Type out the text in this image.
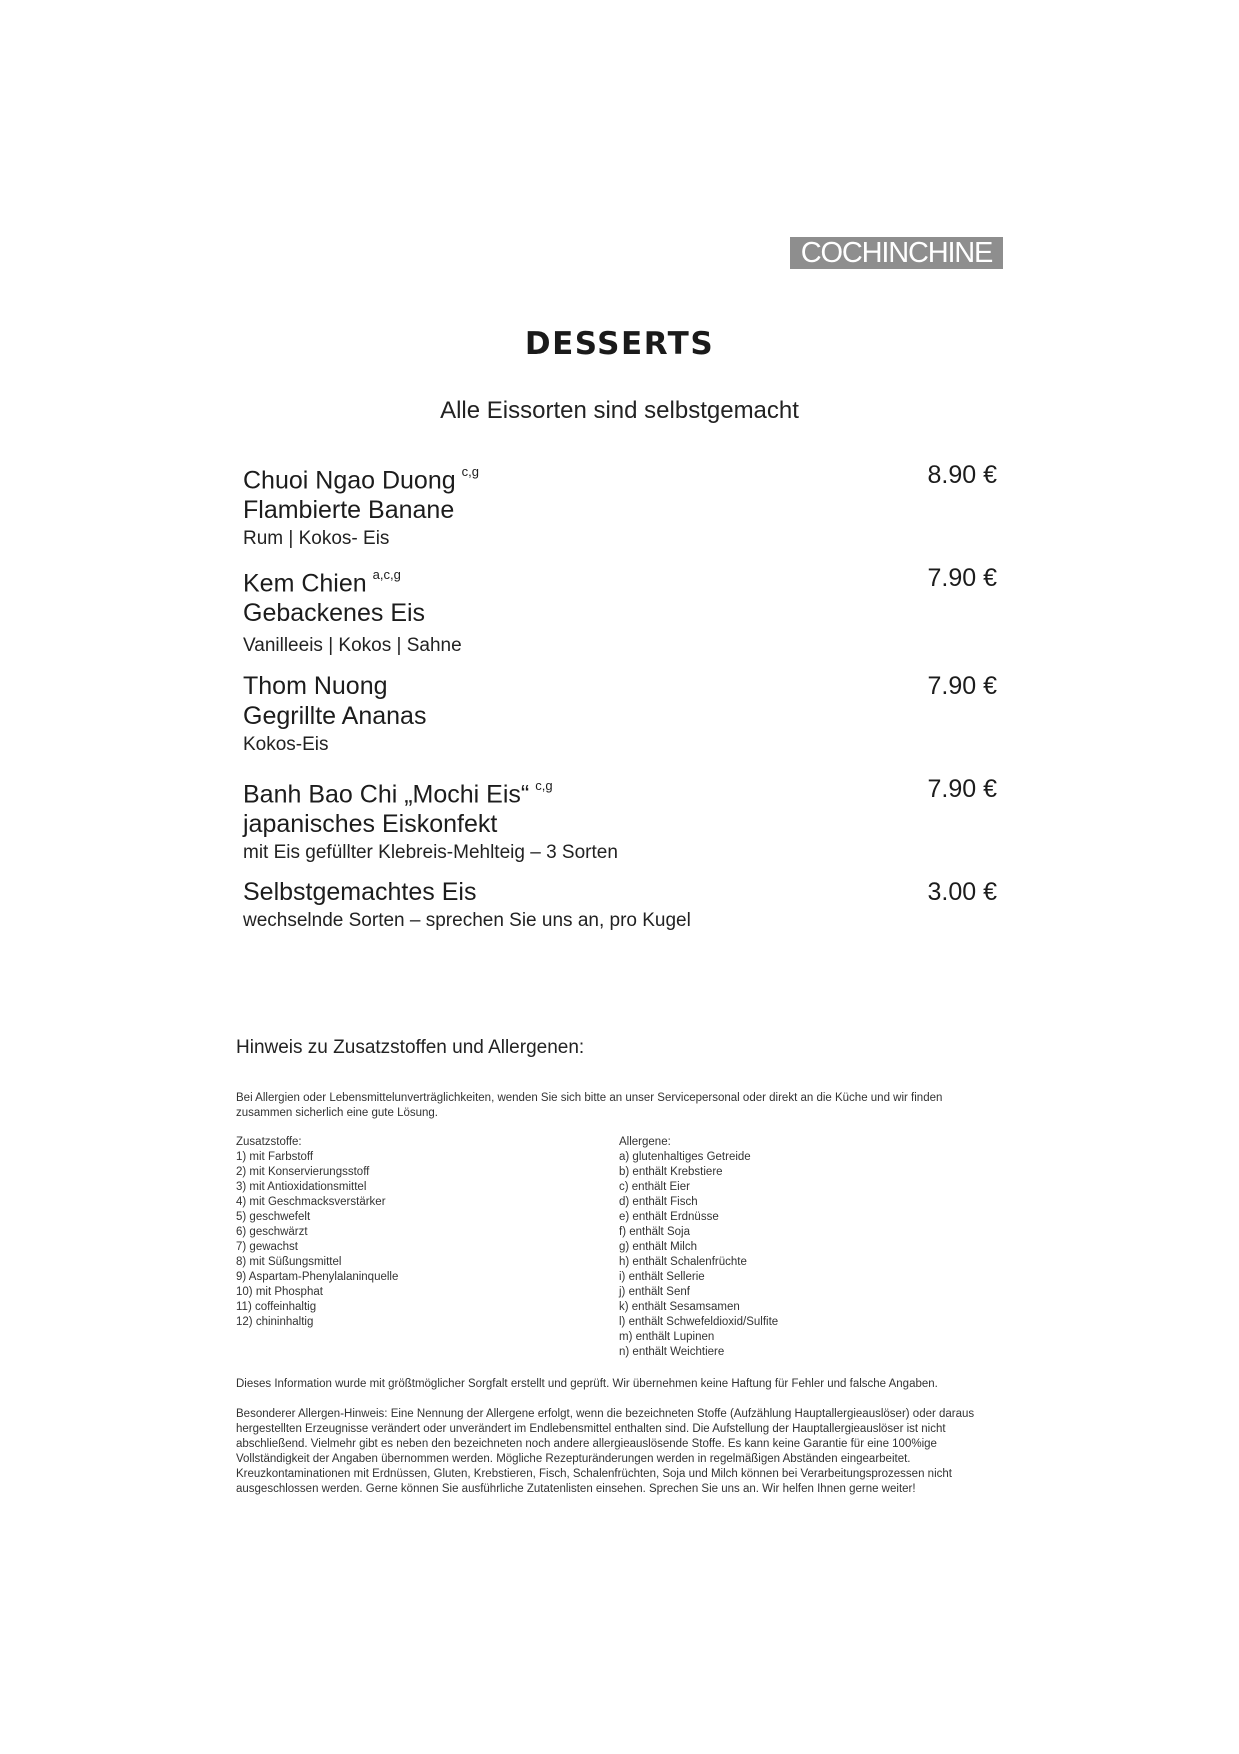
COCHINCHINE
DESSERTS
Alle Eissorten sind selbstgemacht
Chuoi Ngao Duong $^{c,g}$
Flambierte Banane
Rum | Kokos- Eis
8.90 €
Kem Chien $^{a,c,g}$
Gebackenes Eis
Vanilleeis | Kokos | Sahne
7.90 €
Thom Nuong
Gegrillte Ananas
Kokos-Eis
7.90 €
Banh Bao Chi „Mochi Eis“ $^{c,g}$
japanisches Eiskonfekt
mit Eis gefüllter Klebreis-Mehlteig – 3 Sorten
7.90 €
Selbstgemachtes Eis
wechselnde Sorten – sprechen Sie uns an, pro Kugel
3.00 €
Hinweis zu Zusatzstoffen und Allergenen:
Bei Allergien oder Lebensmittelunverträglichkeiten, wenden Sie sich bitte an unser Servicepersonal oder direkt an die Küche und wir finden zusammen sicherlich eine gute Lösung.
Zusatzstoffe:
1) mit Farbstoff
2) mit Konservierungsstoff
3) mit Antioxidationsmittel
4) mit Geschmacksverstärker
5) geschwefelt
6) geschwärzt
7) gewachst
8) mit Süßungsmittel
9) Aspartam-Phenylalaninquelle
10) mit Phosphat
11) coffeinhaltig
12) chininhaltig
Allergene:
a) glutenhaltiges Getreide
b) enthält Krebstiere
c) enthält Eier
d) enthält Fisch
e) enthält Erdnüsse
f) enthält Soja
g) enthält Milch
h) enthält Schalenfrüchte
i) enthält Sellerie
j) enthält Senf
k) enthält Sesamsamen
l) enthält Schwefeldioxid/Sulfite
m) enthält Lupinen
n) enthält Weichtiere
Dieses Information wurde mit größtmöglicher Sorgfalt erstellt und geprüft. Wir übernehmen keine Haftung für Fehler und falsche Angaben.
Besonderer Allergen-Hinweis: Eine Nennung der Allergene erfolgt, wenn die bezeichneten Stoffe (Aufzählung Hauptallergieauslöser) oder daraus hergestellten Erzeugnisse verändert oder unverändert im Endlebensmittel enthalten sind. Die Aufstellung der Hauptallergieauslöser ist nicht abschließend. Vielmehr gibt es neben den bezeichneten noch andere allergieauslösende Stoffe. Es kann keine Garantie für eine 100%ige Vollständigkeit der Angaben übernommen werden. Mögliche Rezepturänderungen werden in regelmäßigen Abständen eingearbeitet. Kreuzkontaminationen mit Erdnüssen, Gluten, Krebstieren, Fisch, Schalenfrüchten, Soja und Milch können bei Verarbeitungsprozessen nicht ausgeschlossen werden. Gerne können Sie ausführliche Zutatenlisten einsehen. Sprechen Sie uns an. Wir helfen Ihnen gerne weiter!
